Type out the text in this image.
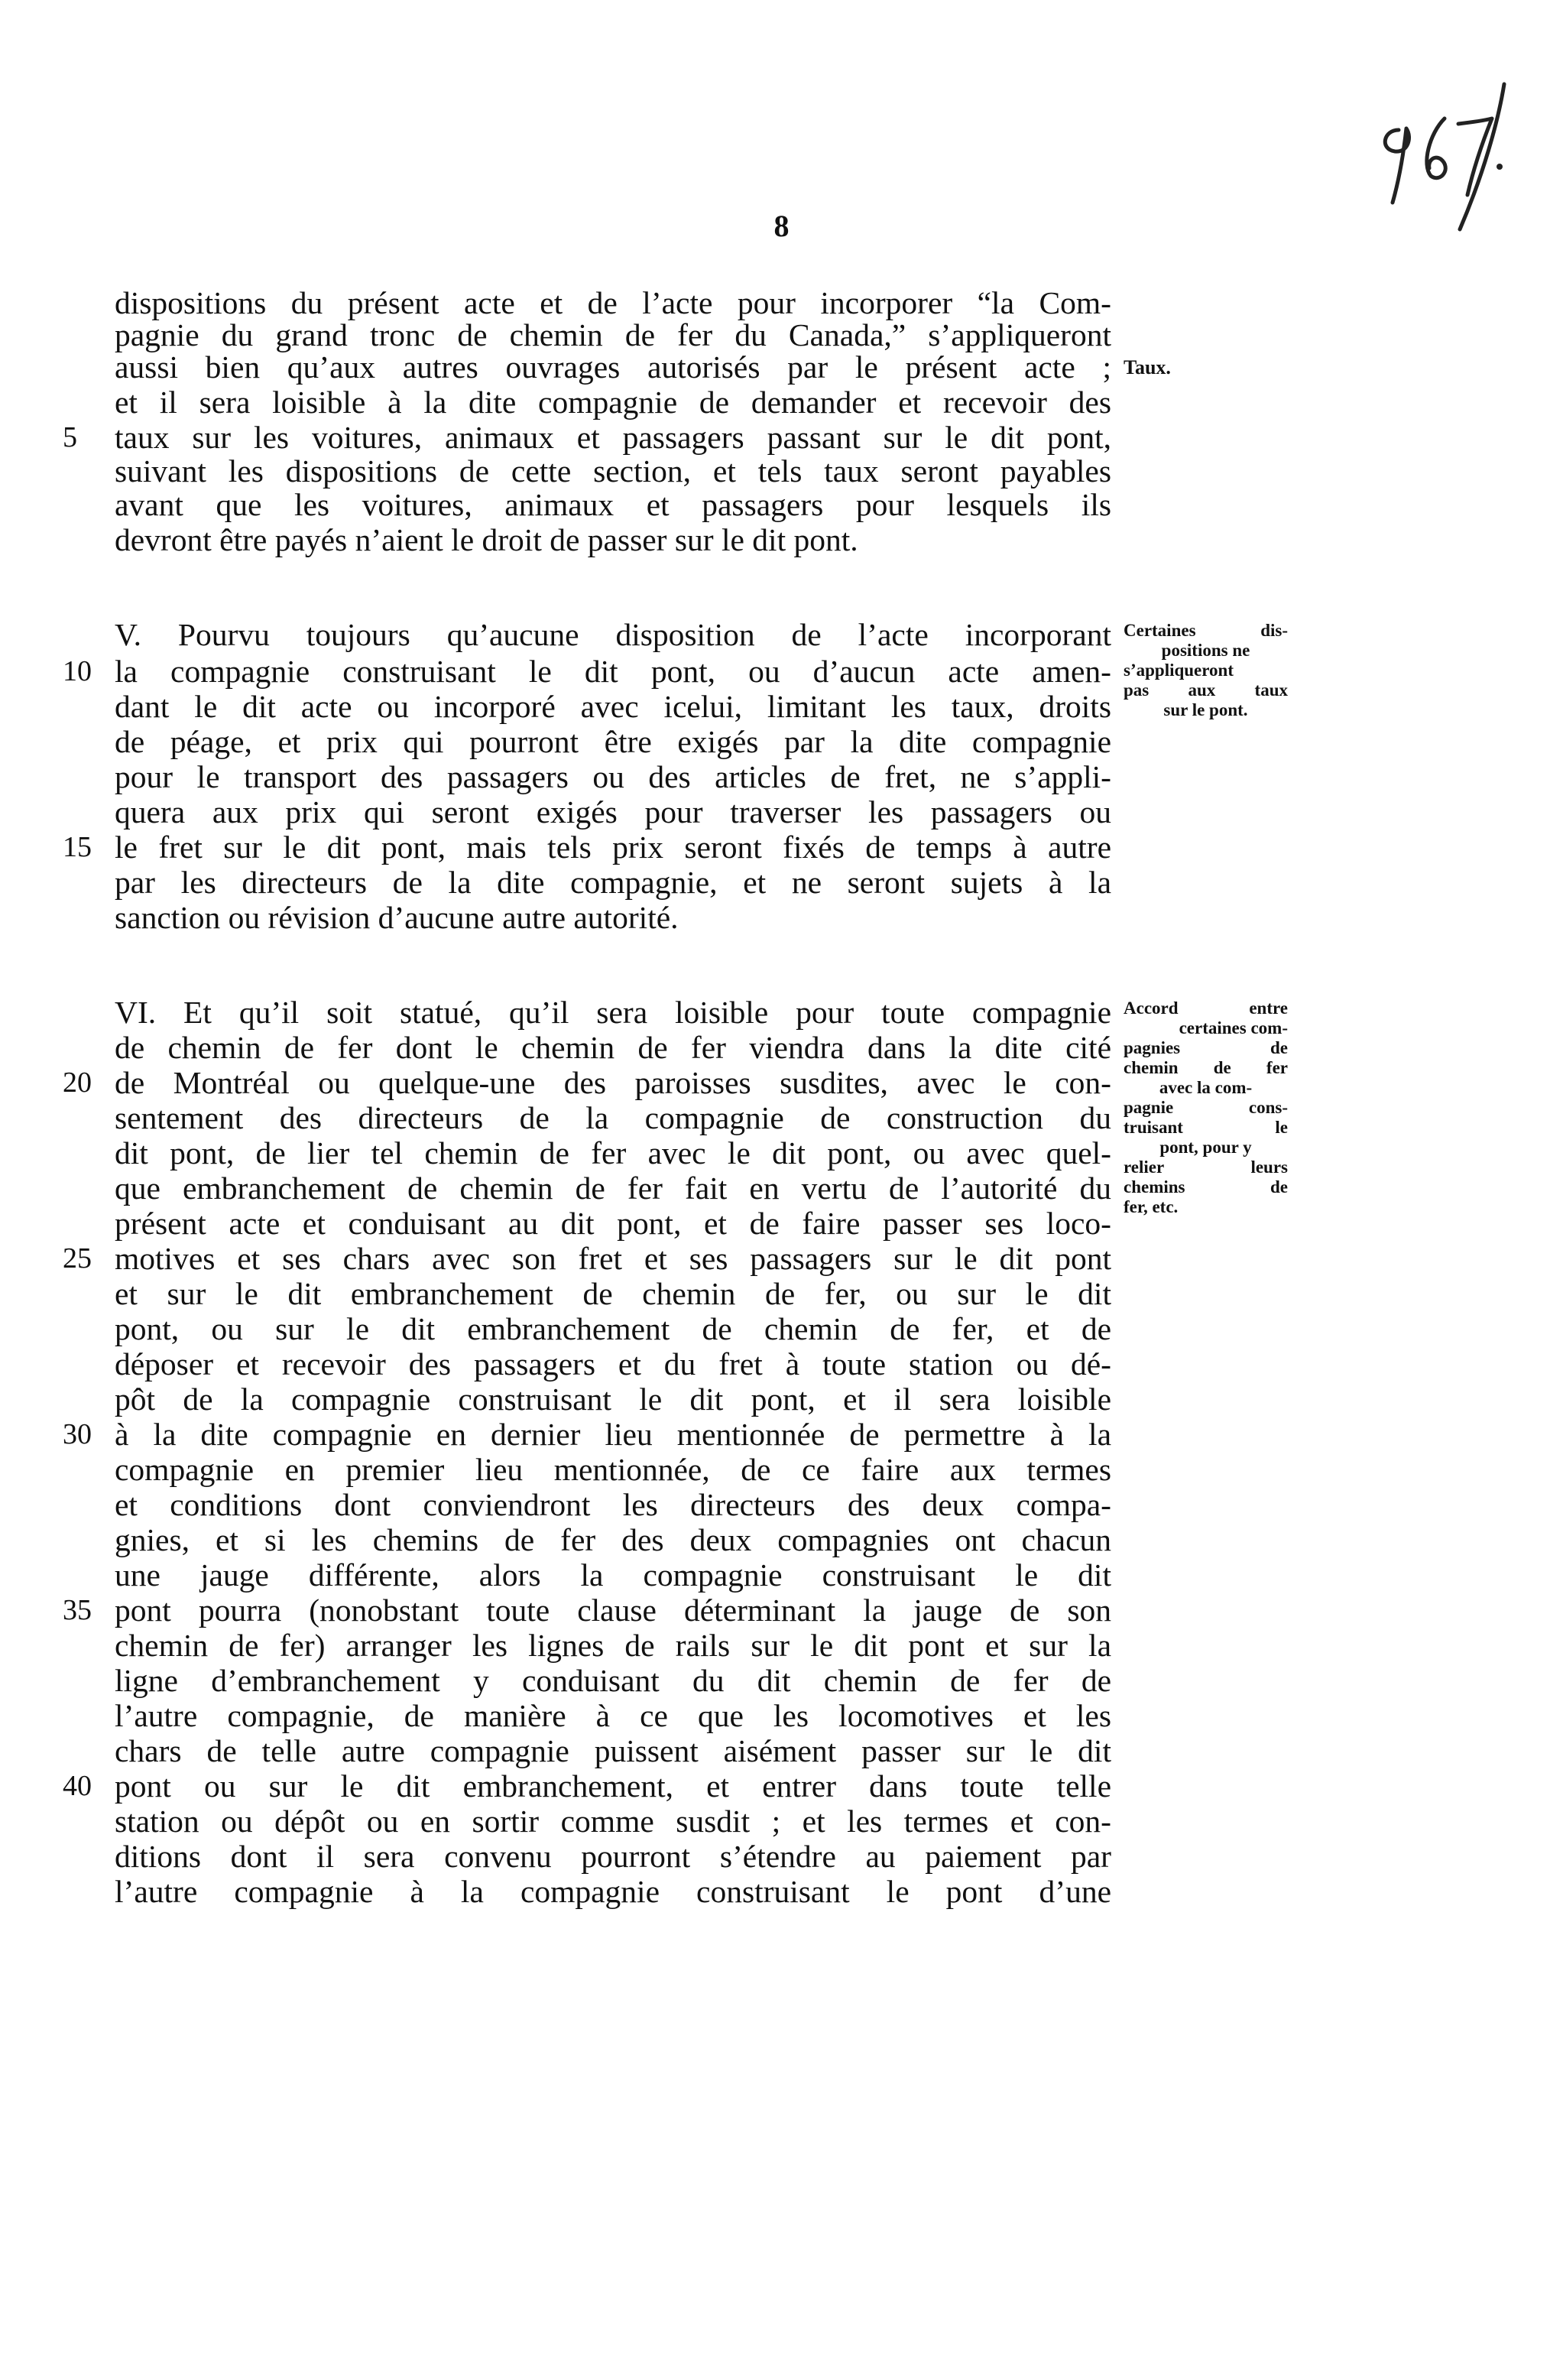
8
dispositions du présent acte et de l’acte pour incorporer “la Com-
pagnie du grand tronc de chemin de fer du Canada,” s’appliqueront
aussi bien qu’aux autres ouvrages autorisés par le présent acte ;
et il sera loisible à la dite compagnie de demander et recevoir des
taux sur les voitures, animaux et passagers passant sur le dit pont,
suivant les dispositions de cette section, et tels taux seront payables
avant que les voitures, animaux et passagers pour lesquels ils
devront être payés n’aient le droit de passer sur le dit pont.
V. Pourvu toujours qu’aucune disposition de l’acte incorporant
la compagnie construisant le dit pont, ou d’aucun acte amen-
dant le dit acte ou incorporé avec icelui, limitant les taux, droits
de péage, et prix qui pourront être exigés par la dite compagnie
pour le transport des passagers ou des articles de fret, ne s’appli-
quera aux prix qui seront exigés pour traverser les passagers ou
le fret sur le dit pont, mais tels prix seront fixés de temps à autre
par les directeurs de la dite compagnie, et ne seront sujets à la
sanction ou révision d’aucune autre autorité.
VI. Et qu’il soit statué, qu’il sera loisible pour toute compagnie
de chemin de fer dont le chemin de fer viendra dans la dite cité
de Montréal ou quelque-une des paroisses susdites, avec le con-
sentement des directeurs de la compagnie de construction du
dit pont, de lier tel chemin de fer avec le dit pont, ou avec quel-
que embranchement de chemin de fer fait en vertu de l’autorité du
présent acte et conduisant au dit pont, et de faire passer ses loco-
motives et ses chars avec son fret et ses passagers sur le dit pont
et sur le dit embranchement de chemin de fer, ou sur le dit
pont, ou sur le dit embranchement de chemin de fer, et de
déposer et recevoir des passagers et du fret à toute station ou dé-
pôt de la compagnie construisant le dit pont, et il sera loisible
à la dite compagnie en dernier lieu mentionnée de permettre à la
compagnie en premier lieu mentionnée, de ce faire aux termes
et conditions dont conviendront les directeurs des deux compa-
gnies, et si les chemins de fer des deux compagnies ont chacun
une jauge différente, alors la compagnie construisant le dit
pont pourra (nonobstant toute clause déterminant la jauge de son
chemin de fer) arranger les lignes de rails sur le dit pont et sur la
ligne d’embranchement y conduisant du dit chemin de fer de
l’autre compagnie, de manière à ce que les locomotives et les
chars de telle autre compagnie puissent aisément passer sur le dit
pont ou sur le dit embranchement, et entrer dans toute telle
station ou dépôt ou en sortir comme susdit ; et les termes et con-
ditions dont il sera convenu pourront s’étendre au paiement par
l’autre compagnie à la compagnie construisant le pont d’une
5
10
15
20
25
30
35
40
Taux.
Certaines dis-
positions ne
s’appliqueront
pas aux taux
sur le pont.
Accord entre
certaines com-
pagnies de
chemin de fer
avec la com-
pagnie cons-
truisant le
pont, pour y
relier leurs
chemins de
fer, etc.
